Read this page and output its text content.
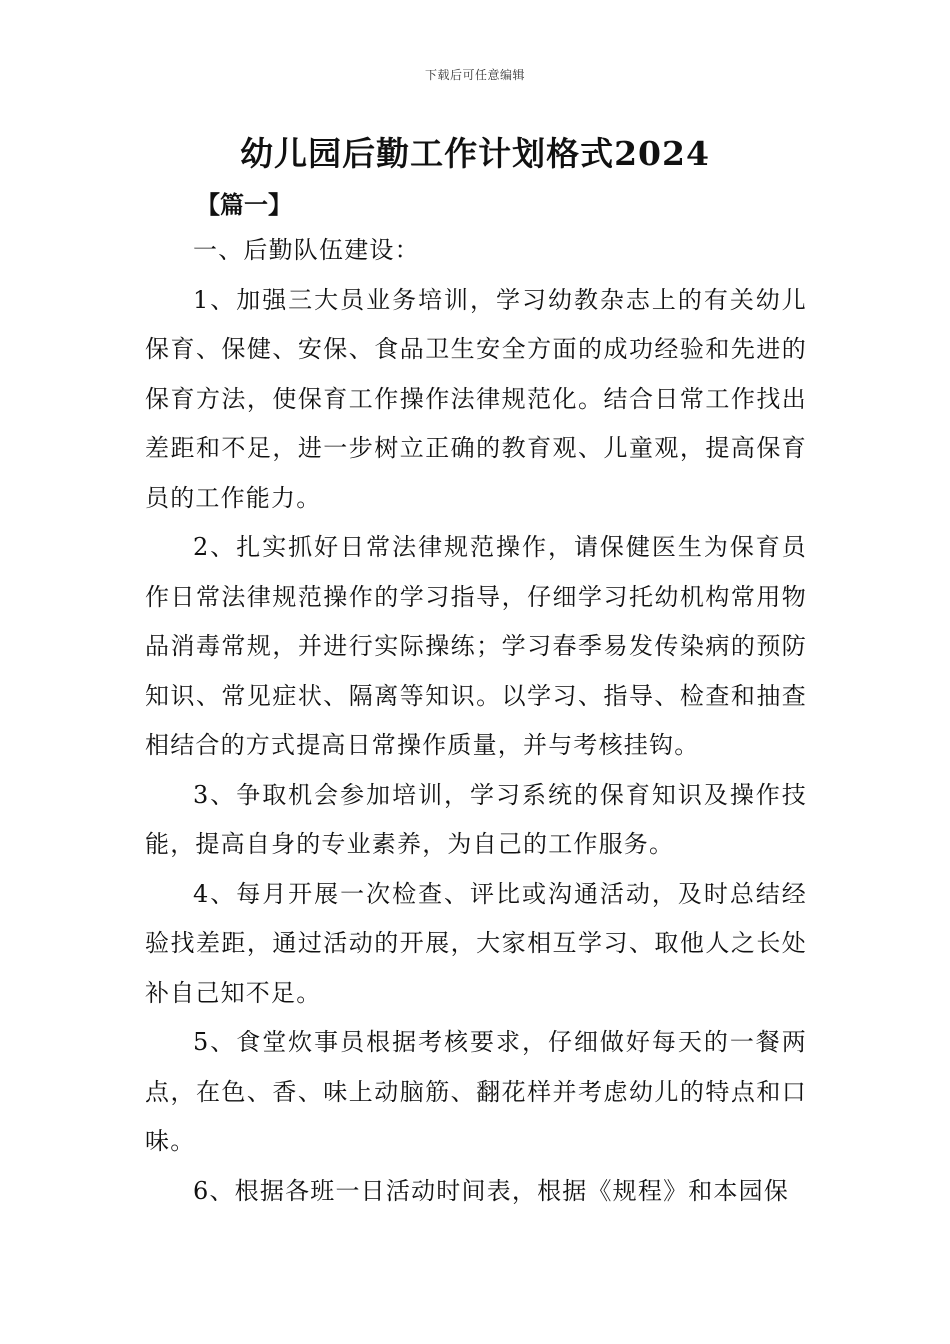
下载后可任意编辑
幼儿园后勤工作计划格式2024
【篇一】

一、后勤队伍建设：

1、加强三大员业务培训，学习幼教杂志上的有关幼儿保育、保健、安保、食品卫生安全方面的成功经验和先进的保育方法，使保育工作操作法律规范化。结合日常工作找出差距和不足，进一步树立正确的教育观、儿童观，提高保育员的工作能力。

2、扎实抓好日常法律规范操作，请保健医生为保育员作日常法律规范操作的学习指导，仔细学习托幼机构常用物品消毒常规，并进行实际操练；学习春季易发传染病的预防知识、常见症状、隔离等知识。以学习、指导、检查和抽查相结合的方式提高日常操作质量，并与考核挂钩。

3、争取机会参加培训，学习系统的保育知识及操作技能，提高自身的专业素养，为自己的工作服务。

4、每月开展一次检查、评比或沟通活动，及时总结经验找差距，通过活动的开展，大家相互学习、取他人之长处补自己知不足。

5、食堂炊事员根据考核要求，仔细做好每天的一餐两点，在色、香、味上动脑筋、翻花样并考虑幼儿的特点和口味。

6、根据各班一日活动时间表，根据《规程》和本园保
